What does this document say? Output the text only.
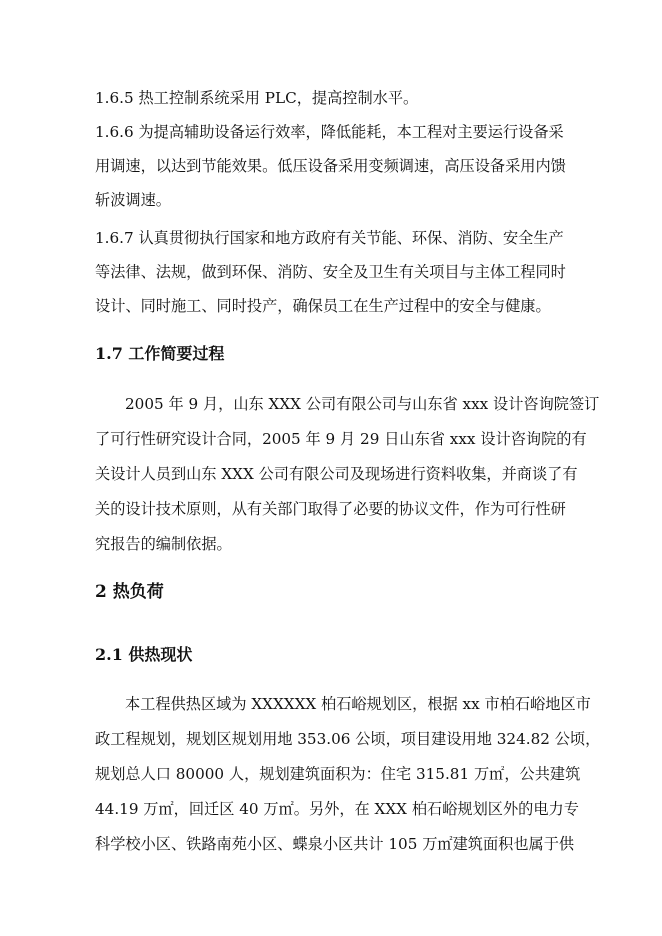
1.6.5 热工控制系统采用 PLC，提高控制水平。
1.6.6 为提高辅助设备运行效率，降低能耗，本工程对主要运行设备采
用调速，以达到节能效果。低压设备采用变频调速，高压设备采用内馈
斩波调速。
1.6.7 认真贯彻执行国家和地方政府有关节能、环保、消防、安全生产
等法律、法规，做到环保、消防、安全及卫生有关项目与主体工程同时
设计、同时施工、同时投产，确保员工在生产过程中的安全与健康。
1.7 工作简要过程
2005 年 9 月，山东 XXX 公司有限公司与山东省 xxx 设计咨询院签订
了可行性研究设计合同，2005 年 9 月 29 日山东省 xxx 设计咨询院的有
关设计人员到山东 XXX 公司有限公司及现场进行资料收集，并商谈了有
关的设计技术原则，从有关部门取得了必要的协议文件，作为可行性研
究报告的编制依据。
2 热负荷
2.1 供热现状
本工程供热区域为 XXXXXX 柏石峪规划区，根据 xx 市柏石峪地区市
政工程规划，规划区规划用地 353.06 公顷，项目建设用地 324.82 公顷，
规划总人口 80000 人，规划建筑面积为：住宅 315.81 万㎡，公共建筑
44.19 万㎡，回迁区 40 万㎡。另外，在 XXX 柏石峪规划区外的电力专
科学校小区、铁路南苑小区、蝶泉小区共计 105 万㎡建筑面积也属于供
